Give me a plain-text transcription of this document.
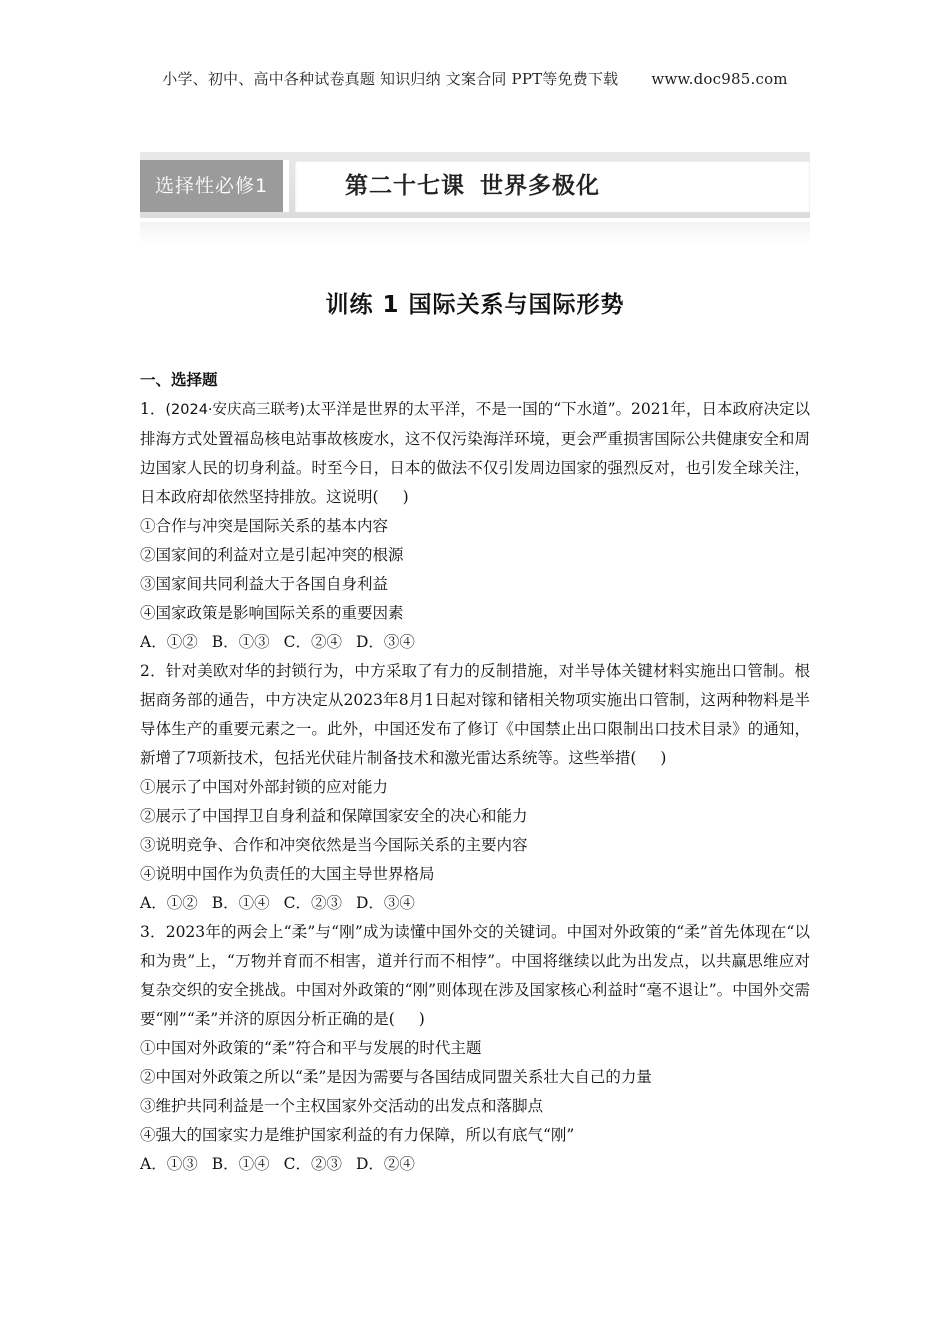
小学、初中、高中各种试卷真题 知识归纳 文案合同 PPT等免费下载 www.doc985.com
选择性必修1	第二十七课 世界多极化
训练 1 国际关系与国际形势
一、选择题
1．(2024·安庆高三联考)太平洋是世界的太平洋，不是一国的“下水道”。2021年，日本政府决定以排海方式处置福岛核电站事故核废水，这不仅污染海洋环境，更会严重损害国际公共健康安全和周边国家人民的切身利益。时至今日，日本的做法不仅引发周边国家的强烈反对，也引发全球关注，日本政府却依然坚持排放。这说明( )
①合作与冲突是国际关系的基本内容
②国家间的利益对立是引起冲突的根源
③国家间共同利益大于各国自身利益
④国家政策是影响国际关系的重要因素
A．①② B．①③ C．②④ D．③④
2．针对美欧对华的封锁行为，中方采取了有力的反制措施，对半导体关键材料实施出口管制。根据商务部的通告，中方决定从2023年8月1日起对镓和锗相关物项实施出口管制，这两种物料是半导体生产的重要元素之一。此外，中国还发布了修订《中国禁止出口限制出口技术目录》的通知，新增了7项新技术，包括光伏硅片制备技术和激光雷达系统等。这些举措( )
①展示了中国对外部封锁的应对能力
②展示了中国捍卫自身利益和保障国家安全的决心和能力
③说明竞争、合作和冲突依然是当今国际关系的主要内容
④说明中国作为负责任的大国主导世界格局
A．①② B．①④ C．②③ D．③④
3．2023年的两会上“柔”与“刚”成为读懂中国外交的关键词。中国对外政策的“柔”首先体现在“以和为贵”上，“万物并育而不相害，道并行而不相悖”。中国将继续以此为出发点，以共赢思维应对复杂交织的安全挑战。中国对外政策的“刚”则体现在涉及国家核心利益时“毫不退让”。中国外交需要“刚”“柔”并济的原因分析正确的是( )
①中国对外政策的“柔”符合和平与发展的时代主题
②中国对外政策之所以“柔”是因为需要与各国结成同盟关系壮大自己的力量
③维护共同利益是一个主权国家外交活动的出发点和落脚点
④强大的国家实力是维护国家利益的有力保障，所以有底气“刚”
A．①③ B．①④ C．②③ D．②④
